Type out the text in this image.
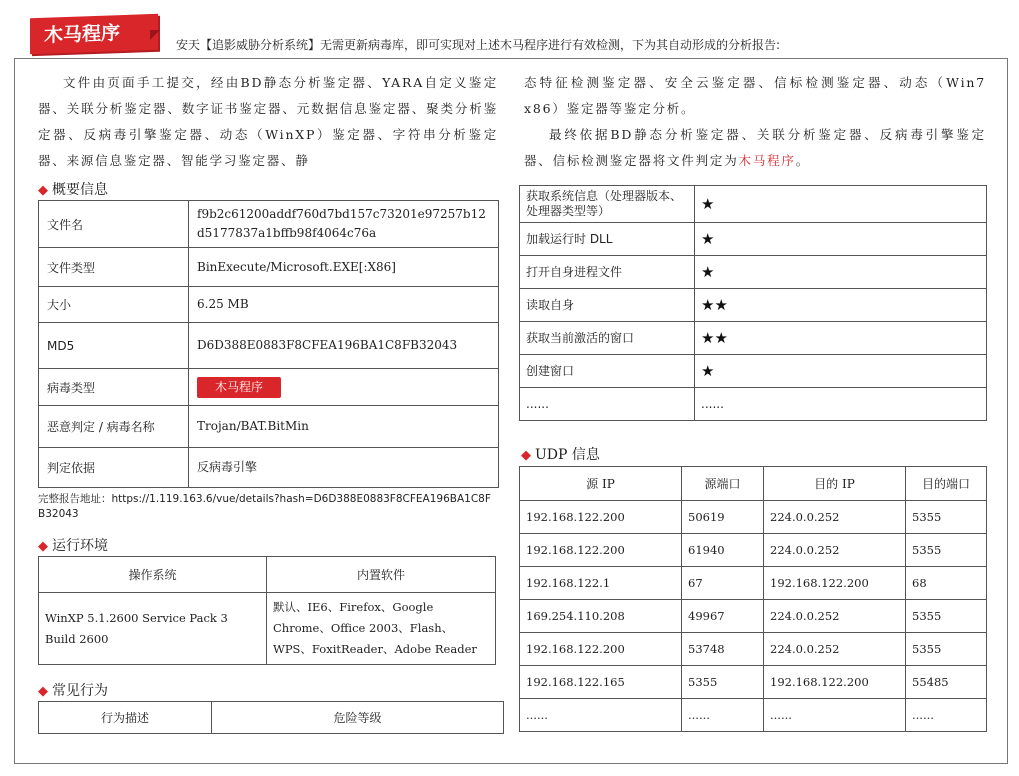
木马程序	安天【追影威胁分析系统】无需更新病毒库，即可实现对上述木马程序进行有效检测，下为其自动形成的分析报告:
文件由页面手工提交，经由BD静态分析鉴定器、YARA自定义鉴定器、关联分析鉴定器、数字证书鉴定器、元数据信息鉴定器、聚类分析鉴定器、反病毒引擎鉴定器、动态（WinXP）鉴定器、字符串分析鉴定器、来源信息鉴定器、智能学习鉴定器、静
态特征检测鉴定器、安全云鉴定器、信标检测鉴定器、动态（Win7 x86）鉴定器等鉴定分析。
最终依据BD静态分析鉴定器、关联分析鉴定器、反病毒引擎鉴定器、信标检测鉴定器将文件判定为木马程序。
◆ 概要信息
文件名	f9b2c61200addf760d7bd157c73201e97257b12d5177837a1bffb98f4064c76a
文件类型	BinExecute/Microsoft.EXE[:X86]
大小	6.25 MB
MD5	D6D388E0883F8CFEA196BA1C8FB32043
病毒类型	木马程序
恶意判定 / 病毒名称	Trojan/BAT.BitMin
判定依据	反病毒引擎
完整报告地址：https://1.119.163.6/vue/details?hash=D6D388E0883F8CFEA196BA1C8FB32043
◆ 运行环境
操作系统	内置软件
WinXP 5.1.2600 Service Pack 3 Build 2600	默认、IE6、Firefox、Google Chrome、Office 2003、Flash、WPS、FoxitReader、Adobe Reader
◆ 常见行为
行为描述	危险等级
获取系统信息（处理器版本、处理器类型等）	★
加载运行时 DLL	★
打开自身进程文件	★
读取自身	★★
获取当前激活的窗口	★★
创建窗口	★
......	......
◆ UDP 信息
源 IP	源端口	目的 IP	目的端口
192.168.122.200	50619	224.0.0.252	5355
192.168.122.200	61940	224.0.0.252	5355
192.168.122.1	67	192.168.122.200	68
169.254.110.208	49967	224.0.0.252	5355
192.168.122.200	53748	224.0.0.252	5355
192.168.122.165	5355	192.168.122.200	55485
......	......	......	......
